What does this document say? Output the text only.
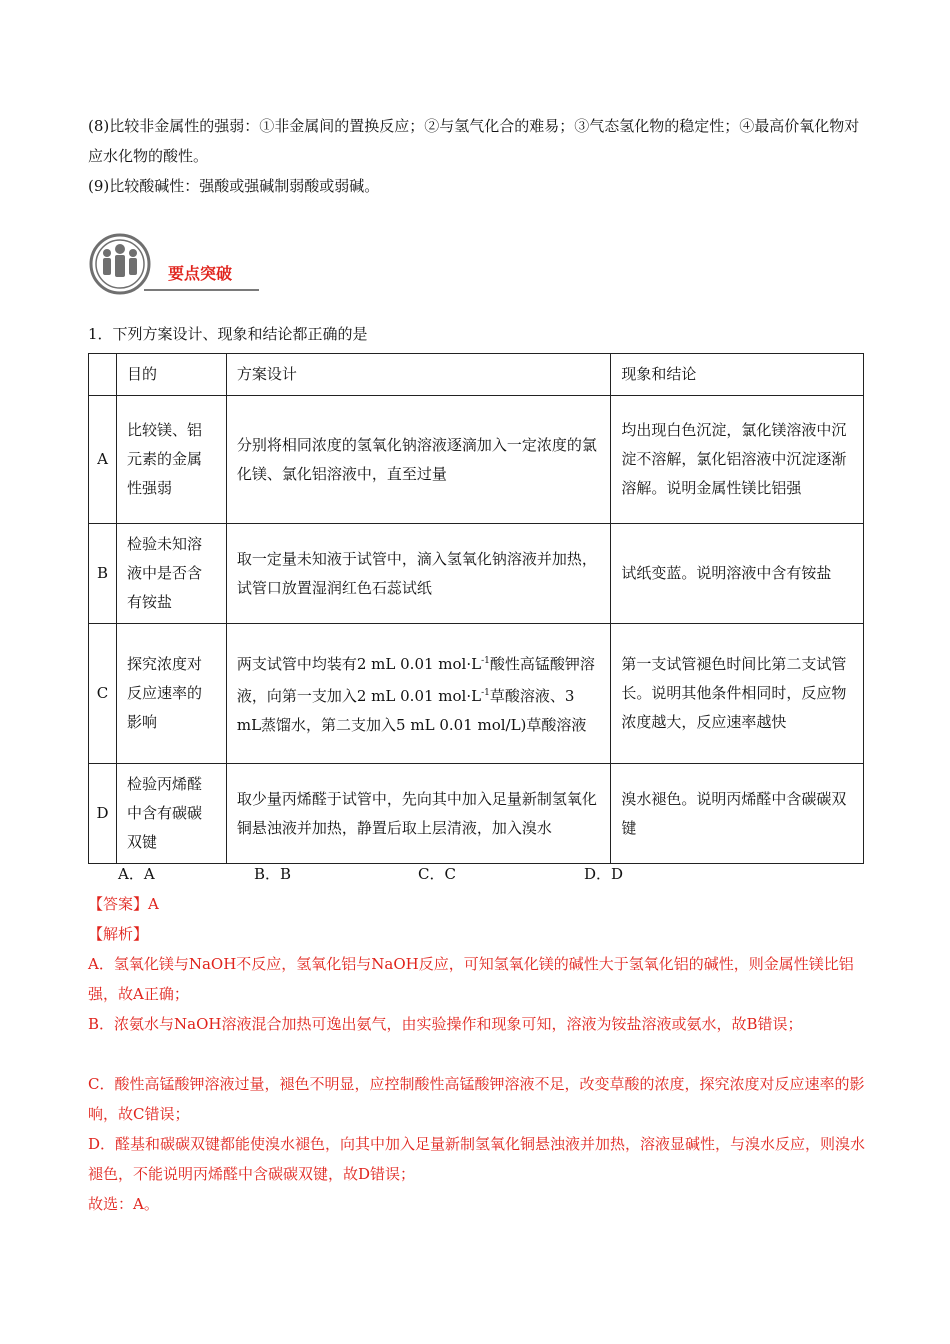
(8)比较非金属性的强弱：①非金属间的置换反应；②与氢气化合的难易；③气态氢化物的稳定性；④最高价氧化物对应水化物的酸性。

(9)比较酸碱性：强酸或强碱制弱酸或弱碱。

要点突破

1．下列方案设计、现象和结论都正确的是

	目的	方案设计	现象和结论
A	比较镁、铝元素的金属性强弱	分别将相同浓度的氢氧化钠溶液逐滴加入一定浓度的氯化镁、氯化铝溶液中，直至过量	均出现白色沉淀，氯化镁溶液中沉淀不溶解，氯化铝溶液中沉淀逐渐溶解。说明金属性镁比铝强
B	检验未知溶液中是否含有铵盐	取一定量未知液于试管中，滴入氢氧化钠溶液并加热，试管口放置湿润红色石蕊试纸	试纸变蓝。说明溶液中含有铵盐
C	探究浓度对反应速率的影响	两支试管中均装有2 mL 0.01 $mol\cdot L^{-1}$酸性高锰酸钾溶液，向第一支加入2 mL 0.01 $mol\cdot L^{-1}$草酸溶液、3 mL蒸馏水，第二支加入5 mL 0.01 mol/L)草酸溶液	第一支试管褪色时间比第二支试管长。说明其他条件相同时，反应物浓度越大，反应速率越快
D	检验丙烯醛中含有碳碳双键	取少量丙烯醛于试管中，先向其中加入足量新制氢氧化铜悬浊液并加热，静置后取上层清液，加入溴水	溴水褪色。说明丙烯醛中含碳碳双键
A．A	B．B	C．C	D．D

【答案】A

【解析】

A．氢氧化镁与NaOH不反应，氢氧化铝与NaOH反应，可知氢氧化镁的碱性大于氢氧化铝的碱性，则金属性镁比铝强，故A正确；

B．浓氨水与NaOH溶液混合加热可逸出氨气，由实验操作和现象可知，溶液为铵盐溶液或氨水，故B错误；

C．酸性高锰酸钾溶液过量，褪色不明显，应控制酸性高锰酸钾溶液不足，改变草酸的浓度，探究浓度对反应速率的影响，故C错误；

D．醛基和碳碳双键都能使溴水褪色，向其中加入足量新制氢氧化铜悬浊液并加热，溶液显碱性，与溴水反应，则溴水褪色，不能说明丙烯醛中含碳碳双键，故D错误；

故选：A。
